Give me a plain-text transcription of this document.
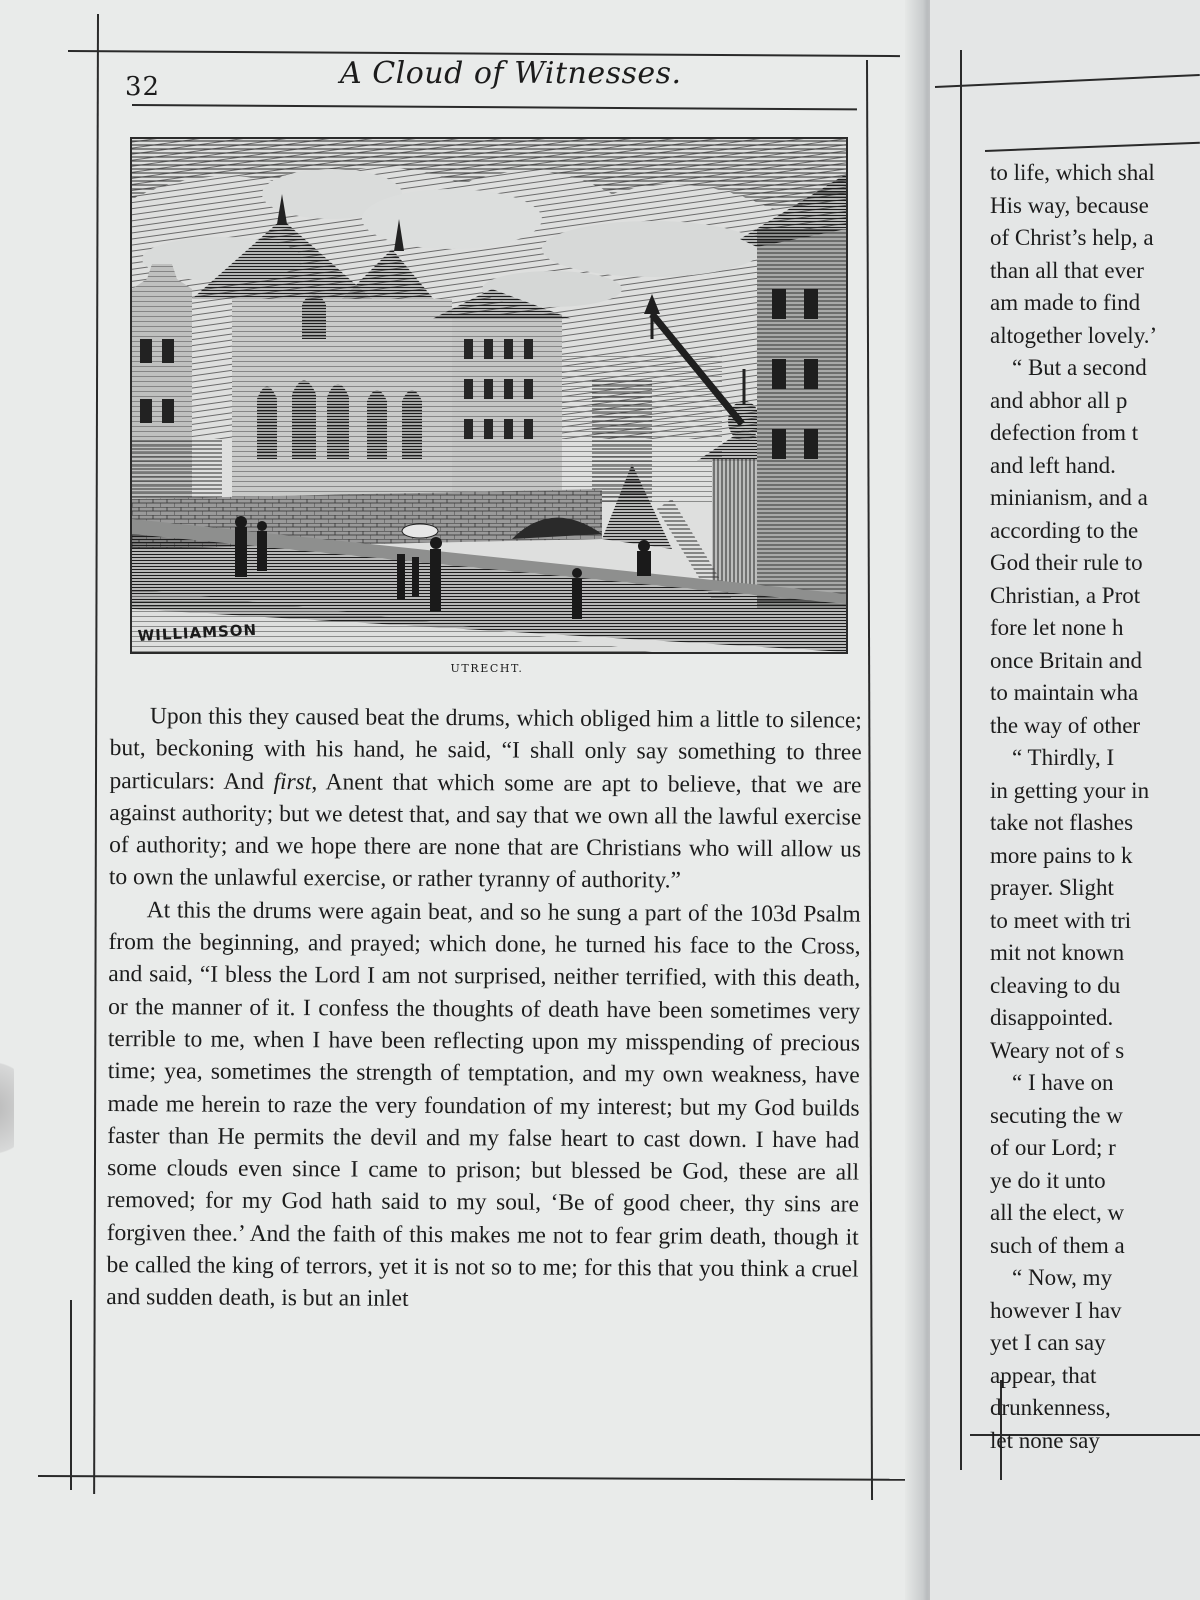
32	A Cloud of Witnesses.
WILLIAMSON
UTRECHT.

Upon this they caused beat the drums, which obliged him a little to silence; but, beckoning with his hand, he said, “I shall only say something to three particulars: And first, Anent that which some are apt to believe, that we are against authority; but we detest that, and say that we own all the lawful exercise of authority; and we hope there are none that are Christians who will allow us to own the unlawful exercise, or rather tyranny of authority.”

At this the drums were again beat, and so he sung a part of the 103d Psalm from the beginning, and prayed; which done, he turned his face to the Cross, and said, “I bless the Lord I am not surprised, neither terrified, with this death, or the manner of it. I confess the thoughts of death have been sometimes very terrible to me, when I have been reflecting upon my misspending of precious time; yea, sometimes the strength of temptation, and my own weakness, have made me herein to raze the very foundation of my interest; but my God builds faster than He permits the devil and my false heart to cast down. I have had some clouds even since I came to prison; but blessed be God, these are all removed; for my God hath said to my soul, ‘Be of good cheer, thy sins are forgiven thee.’ And the faith of this makes me not to fear grim death, though it be called the king of terrors, yet it is not so to me; for this that you think a cruel and sudden death, is but an inlet

to life, which shal
His way, because
of Christ’s help, a
than all that ever
am made to find
altogether lovely.’
“ But a second
and abhor all p
defection from t
and left hand.
minianism, and a
according to the
God their rule to
Christian, a Prot
fore let none h
once Britain and
to maintain wha
the way of other
“ Thirdly, I
in getting your in
take not flashes
more pains to k
prayer. Slight
to meet with tri
mit not known
cleaving to du
disappointed.
Weary not of s
“ I have on
secuting the w
of our Lord; r
ye do it unto
all the elect, w
such of them a
“ Now, my
however I hav
yet I can say
appear, that
drunkenness,
let none say
